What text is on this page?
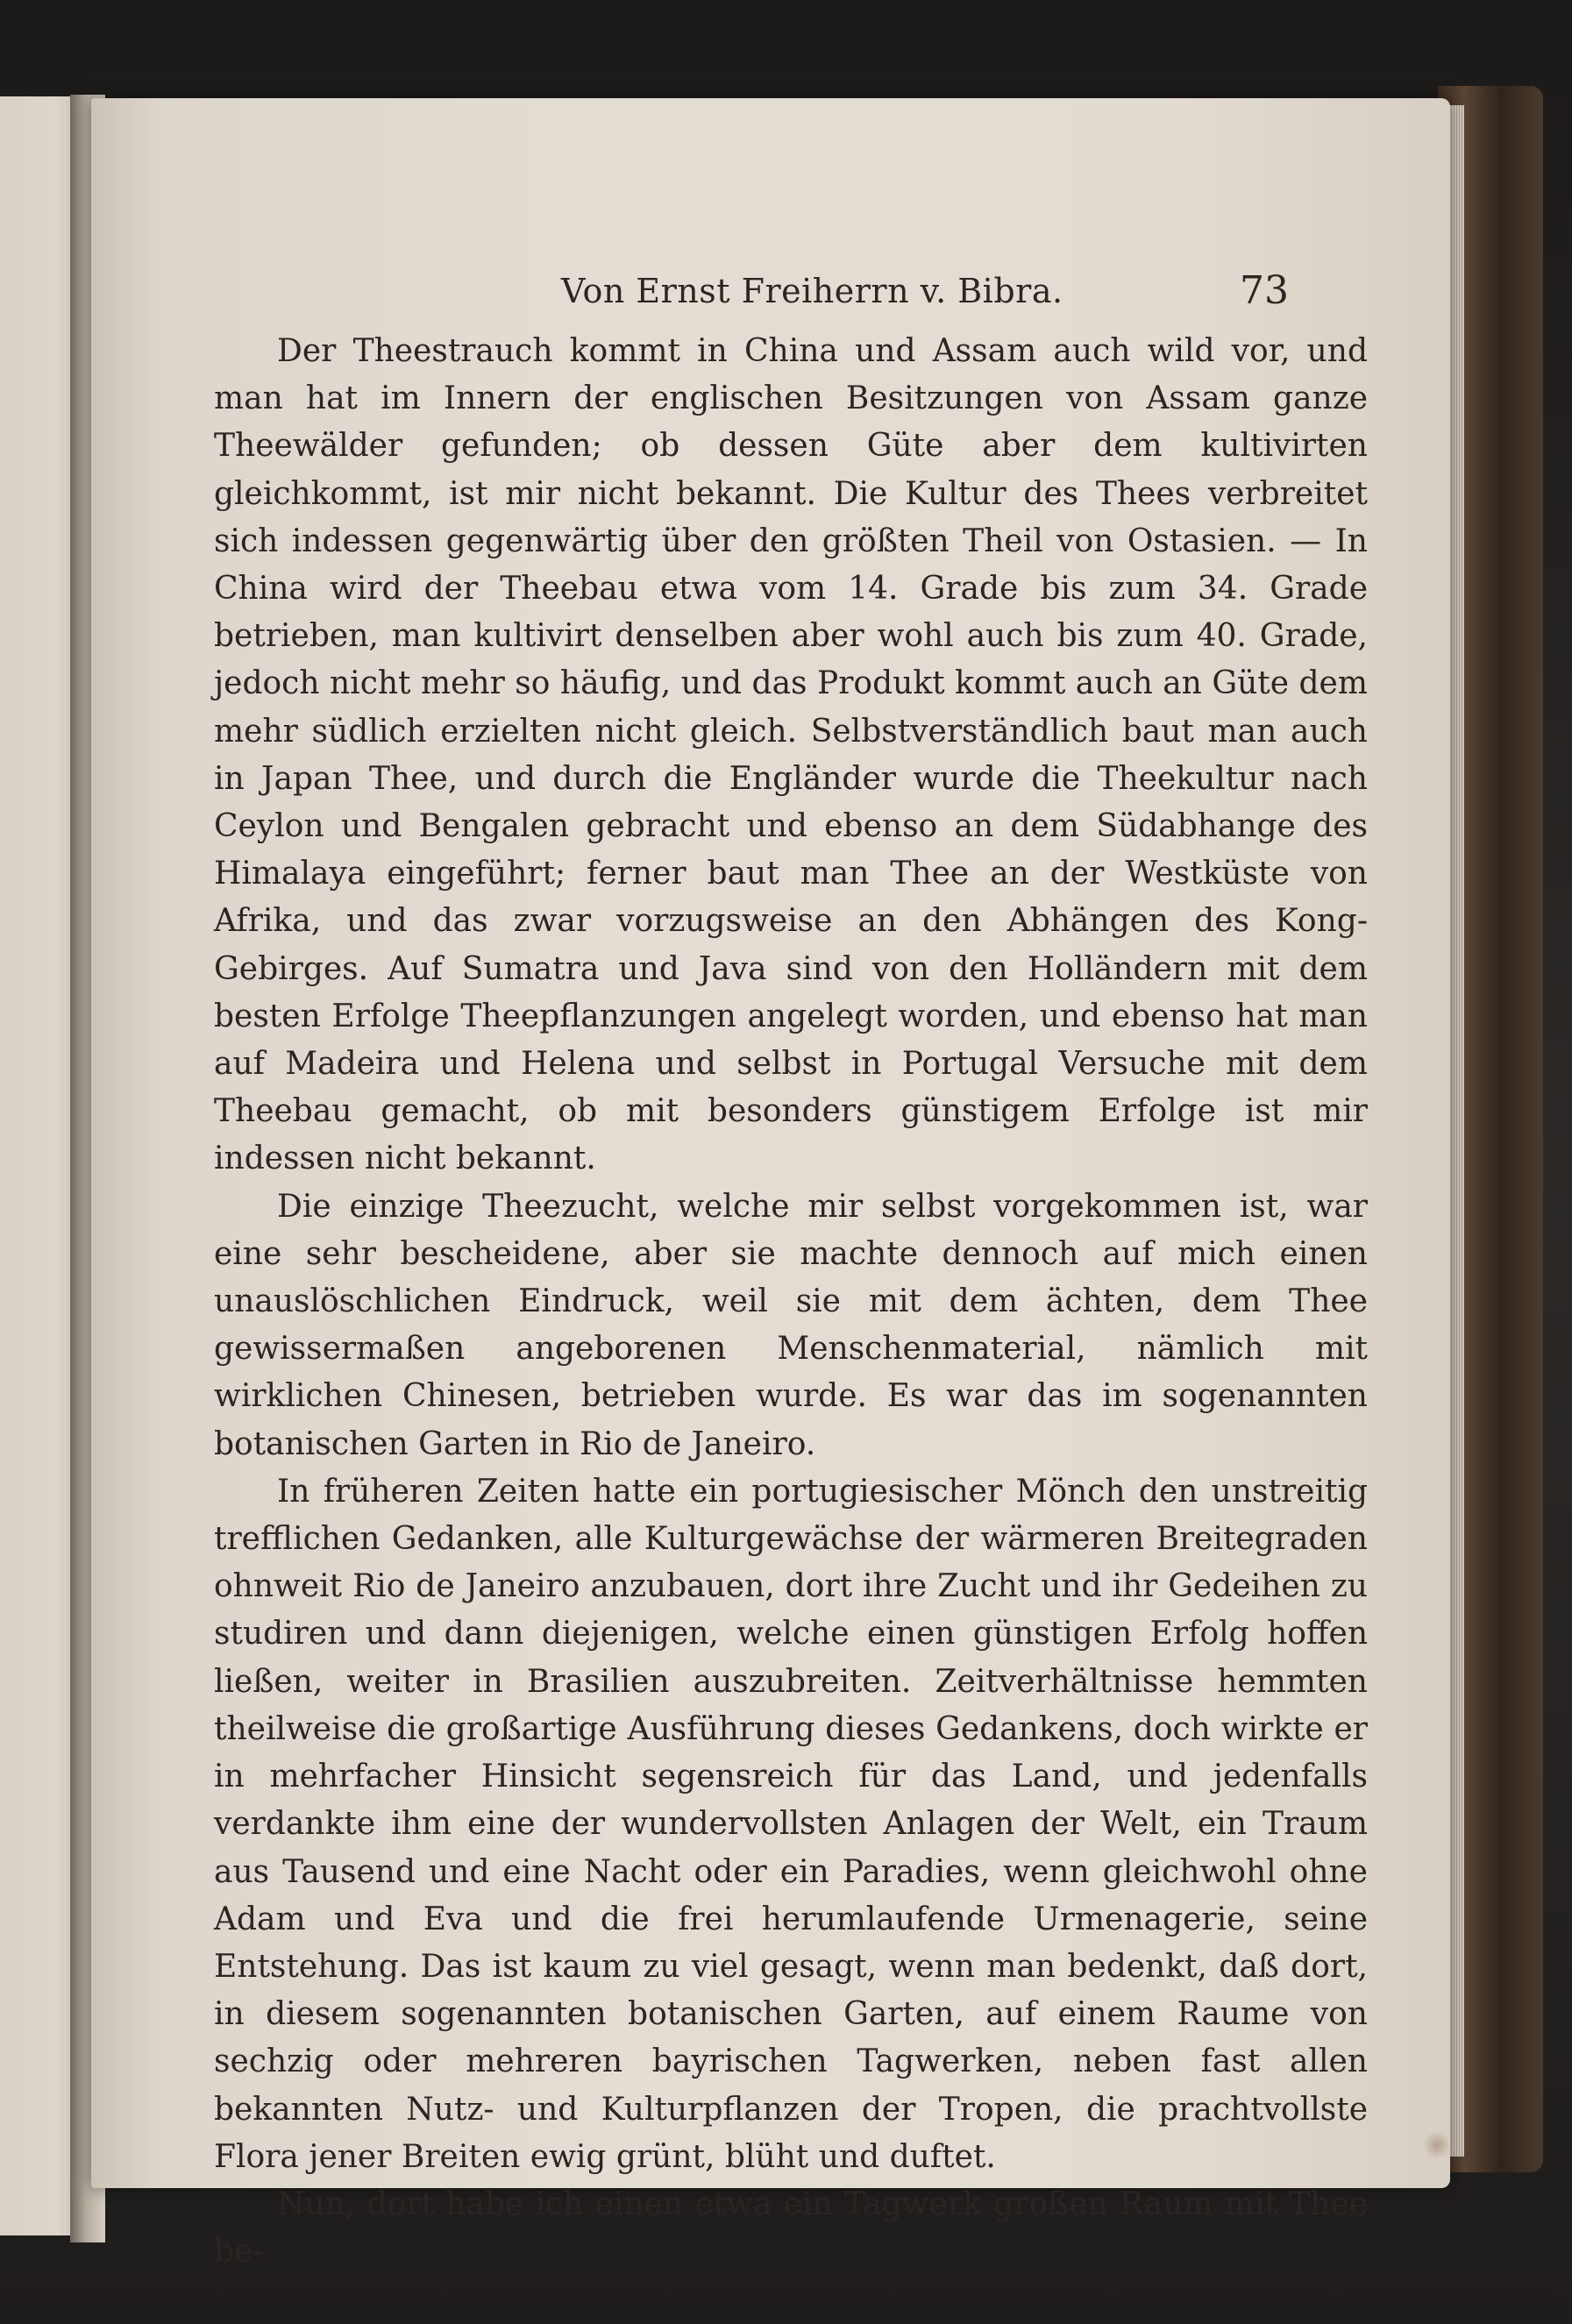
Von Ernst Freiherrn v. Bibra.	73

Der Theestrauch kommt in China und Assam auch wild vor, und man hat im Innern der englischen Besitzungen von Assam ganze Theewälder gefunden; ob dessen Güte aber dem kultivirten gleichkommt, ist mir nicht bekannt. Die Kultur des Thees verbreitet sich indessen gegenwärtig über den größten Theil von Ostasien. — In China wird der Theebau etwa vom 14. Grade bis zum 34. Grade betrieben, man kultivirt denselben aber wohl auch bis zum 40. Grade, jedoch nicht mehr so häufig, und das Produkt kommt auch an Güte dem mehr südlich erzielten nicht gleich. Selbstverständlich baut man auch in Japan Thee, und durch die Engländer wurde die Theekultur nach Ceylon und Bengalen gebracht und ebenso an dem Südabhange des Himalaya eingeführt; ferner baut man Thee an der Westküste von Afrika, und das zwar vorzugsweise an den Abhängen des Kong-Gebirges. Auf Sumatra und Java sind von den Holländern mit dem besten Erfolge Theepflanzungen angelegt worden, und ebenso hat man auf Madeira und Helena und selbst in Portugal Versuche mit dem Theebau gemacht, ob mit besonders günstigem Erfolge ist mir indessen nicht bekannt.

Die einzige Theezucht, welche mir selbst vorgekommen ist, war eine sehr bescheidene, aber sie machte dennoch auf mich einen unauslöschlichen Eindruck, weil sie mit dem ächten, dem Thee gewissermaßen angeborenen Menschenmaterial, nämlich mit wirklichen Chinesen, betrieben wurde. Es war das im sogenannten botanischen Garten in Rio de Janeiro.

In früheren Zeiten hatte ein portugiesischer Mönch den unstreitig trefflichen Gedanken, alle Kulturgewächse der wärmeren Breitegraden ohnweit Rio de Janeiro anzubauen, dort ihre Zucht und ihr Gedeihen zu studiren und dann diejenigen, welche einen günstigen Erfolg hoffen ließen, weiter in Brasilien auszubreiten. Zeitverhältnisse hemmten theilweise die großartige Ausführung dieses Gedankens, doch wirkte er in mehrfacher Hinsicht segensreich für das Land, und jedenfalls verdankte ihm eine der wundervollsten Anlagen der Welt, ein Traum aus Tausend und eine Nacht oder ein Paradies, wenn gleichwohl ohne Adam und Eva und die frei herumlaufende Urmenagerie, seine Entstehung. Das ist kaum zu viel gesagt, wenn man bedenkt, daß dort, in diesem sogenannten botanischen Garten, auf einem Raume von sechzig oder mehreren bayrischen Tagwerken, neben fast allen bekannten Nutz- und Kulturpflanzen der Tropen, die prachtvollste Flora jener Breiten ewig grünt, blüht und duftet.

Nun, dort habe ich einen etwa ein Tagwerk großen Raum mit Thee be-
